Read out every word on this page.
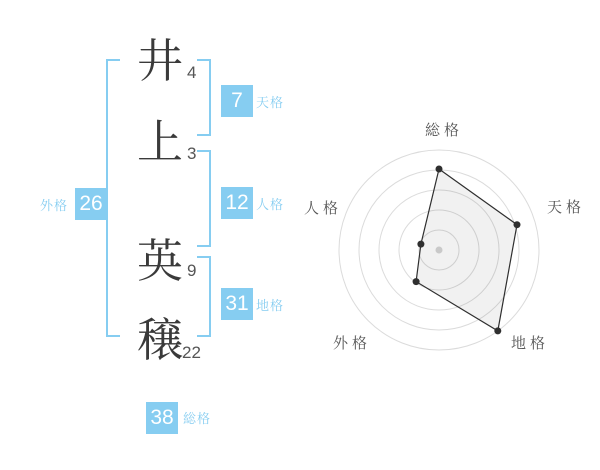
井
上
英
穣
4
3
9
22
7	天格
12 人格
31 地格
外格 26
38 総格
総格
天格
地格
外格
人格
